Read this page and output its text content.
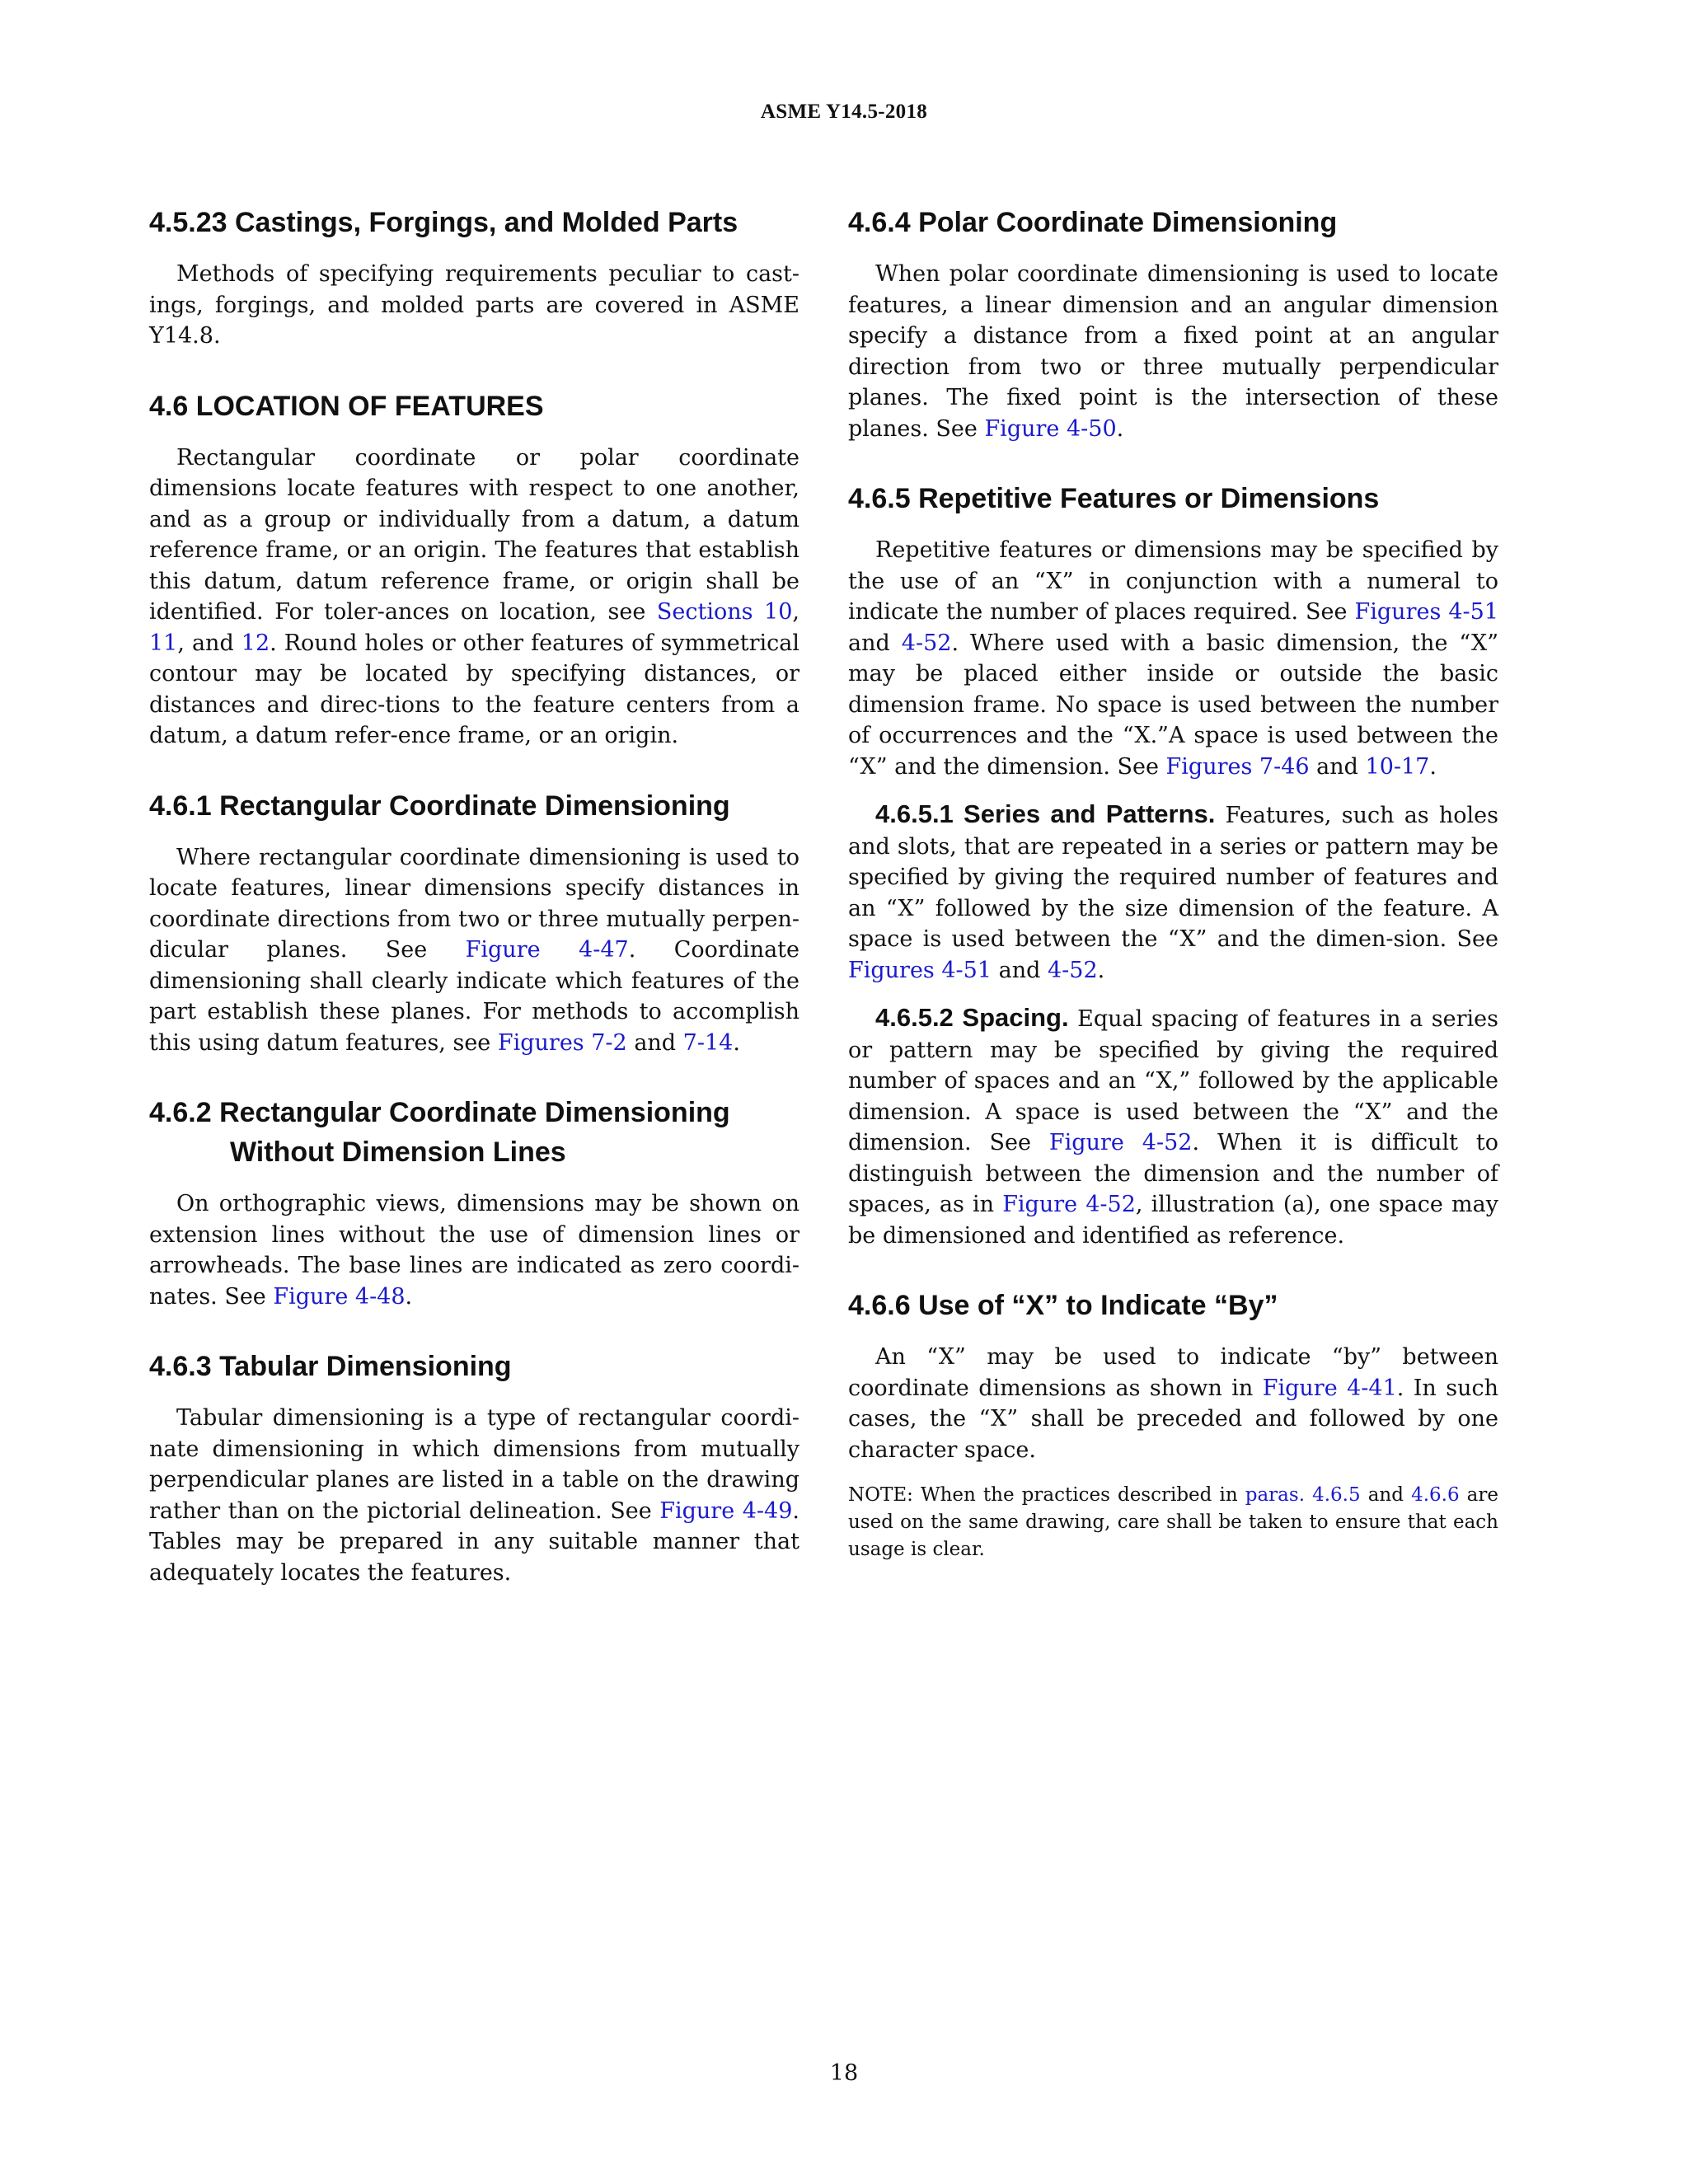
ASME Y14.5-2018
4.5.23 Castings, Forgings, and Molded Parts

Methods of specifying requirements peculiar to cast-ings, forgings, and molded parts are covered in ASME Y14.8.

4.6 LOCATION OF FEATURES

Rectangular coordinate or polar coordinate dimensions locate features with respect to one another, and as a group or individually from a datum, a datum reference frame, or an origin. The features that establish this datum, datum reference frame, or origin shall be identified. For toler-ances on location, see Sections 10, 11, and 12. Round holes or other features of symmetrical contour may be located by specifying distances, or distances and direc-tions to the feature centers from a datum, a datum refer-ence frame, or an origin.

4.6.1 Rectangular Coordinate Dimensioning

Where rectangular coordinate dimensioning is used to locate features, linear dimensions specify distances in coordinate directions from two or three mutually perpen-dicular planes. See Figure 4-47. Coordinate dimensioning shall clearly indicate which features of the part establish these planes. For methods to accomplish this using datum features, see Figures 7-2 and 7-14.

4.6.2 Rectangular Coordinate Dimensioning
Without Dimension Lines

On orthographic views, dimensions may be shown on extension lines without the use of dimension lines or arrowheads. The base lines are indicated as zero coordi-nates. See Figure 4-48.

4.6.3 Tabular Dimensioning

Tabular dimensioning is a type of rectangular coordi-nate dimensioning in which dimensions from mutually perpendicular planes are listed in a table on the drawing rather than on the pictorial delineation. See Figure 4-49. Tables may be prepared in any suitable manner that adequately locates the features.

4.6.4 Polar Coordinate Dimensioning

When polar coordinate dimensioning is used to locate features, a linear dimension and an angular dimension specify a distance from a fixed point at an angular direction from two or three mutually perpendicular planes. The fixed point is the intersection of these planes. See Figure 4-50.

4.6.5 Repetitive Features or Dimensions

Repetitive features or dimensions may be specified by the use of an “X” in conjunction with a numeral to indicate the number of places required. See Figures 4-51 and 4-52. Where used with a basic dimension, the “X” may be placed either inside or outside the basic dimension frame. No space is used between the number of occurrences and the “X.”A space is used between the “X” and the dimension. See Figures 7-46 and 10-17.

4.6.5.1 Series and Patterns. Features, such as holes and slots, that are repeated in a series or pattern may be specified by giving the required number of features and an “X” followed by the size dimension of the feature. A space is used between the “X” and the dimen-sion. See Figures 4-51 and 4-52.

4.6.5.2 Spacing. Equal spacing of features in a series or pattern may be specified by giving the required number of spaces and an “X,” followed by the applicable dimension. A space is used between the “X” and the dimension. See Figure 4-52. When it is difficult to distinguish between the dimension and the number of spaces, as in Figure 4-52, illustration (a), one space may be dimensioned and identified as reference.

4.6.6 Use of “X” to Indicate “By”

An “X” may be used to indicate “by” between coordinate dimensions as shown in Figure 4-41. In such cases, the “X” shall be preceded and followed by one character space.

NOTE: When the practices described in paras. 4.6.5 and 4.6.6 are used on the same drawing, care shall be taken to ensure that each usage is clear.

18
